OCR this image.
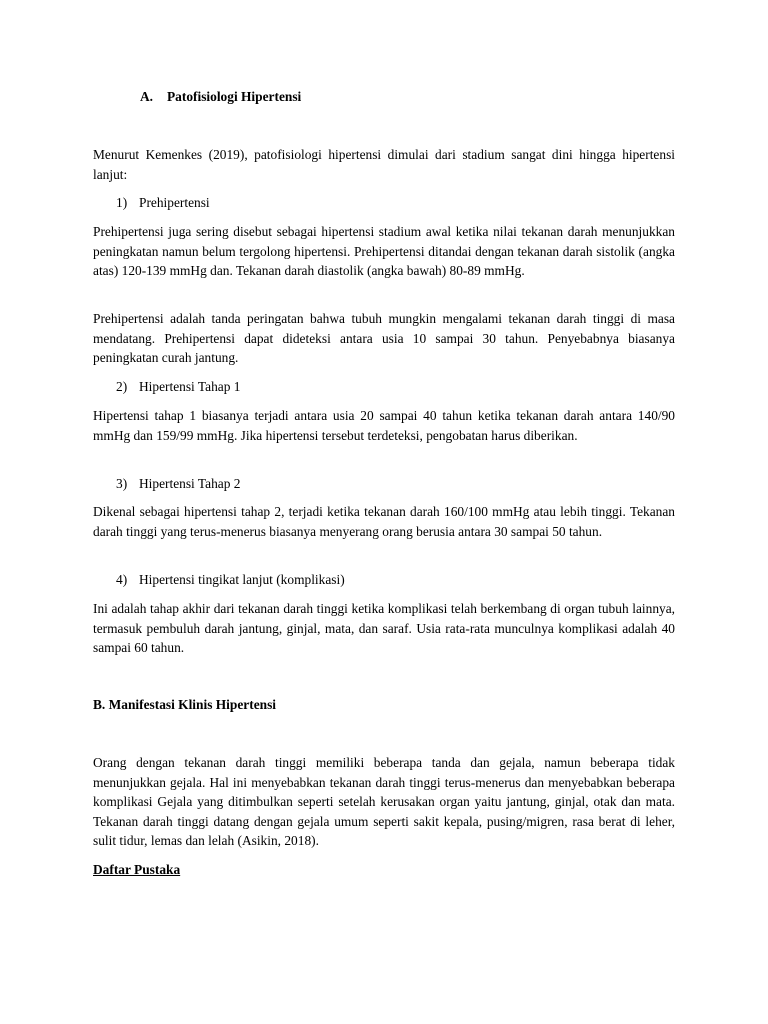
A. Patofisiologi Hipertensi

Menurut Kemenkes (2019), patofisiologi hipertensi dimulai dari stadium sangat dini hingga hipertensi lanjut:

1) Prehipertensi

Prehipertensi juga sering disebut sebagai hipertensi stadium awal ketika nilai tekanan darah menunjukkan peningkatan namun belum tergolong hipertensi. Prehipertensi ditandai dengan tekanan darah sistolik (angka atas) 120-139 mmHg dan. Tekanan darah diastolik (angka bawah) 80-89 mmHg.

Prehipertensi adalah tanda peringatan bahwa tubuh mungkin mengalami tekanan darah tinggi di masa mendatang. Prehipertensi dapat dideteksi antara usia 10 sampai 30 tahun. Penyebabnya biasanya peningkatan curah jantung.

2) Hipertensi Tahap 1

Hipertensi tahap 1 biasanya terjadi antara usia 20 sampai 40 tahun ketika tekanan darah antara 140/90 mmHg dan 159/99 mmHg. Jika hipertensi tersebut terdeteksi, pengobatan harus diberikan.

3) Hipertensi Tahap 2

Dikenal sebagai hipertensi tahap 2, terjadi ketika tekanan darah 160/100 mmHg atau lebih tinggi. Tekanan darah tinggi yang terus-menerus biasanya menyerang orang berusia antara 30 sampai 50 tahun.

4) Hipertensi tingikat lanjut (komplikasi)

Ini adalah tahap akhir dari tekanan darah tinggi ketika komplikasi telah berkembang di organ tubuh lainnya, termasuk pembuluh darah jantung, ginjal, mata, dan saraf. Usia rata-rata munculnya komplikasi adalah 40 sampai 60 tahun.

B. Manifestasi Klinis Hipertensi

Orang dengan tekanan darah tinggi memiliki beberapa tanda dan gejala, namun beberapa tidak menunjukkan gejala. Hal ini menyebabkan tekanan darah tinggi terus-menerus dan menyebabkan beberapa komplikasi Gejala yang ditimbulkan seperti setelah kerusakan organ yaitu jantung, ginjal, otak dan mata. Tekanan darah tinggi datang dengan gejala umum seperti sakit kepala, pusing/migren, rasa berat di leher, sulit tidur, lemas dan lelah (Asikin, 2018).

Daftar Pustaka
